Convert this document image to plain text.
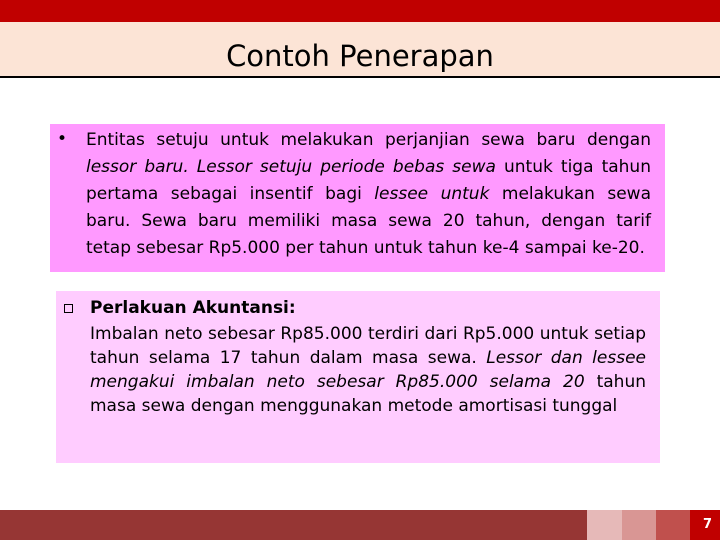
Contoh Penerapan
• Entitas setuju untuk melakukan perjanjian sewa baru dengan lessor baru. Lessor setuju periode bebas sewa untuk tiga tahun pertama sebagai insentif bagi lessee untuk melakukan sewa baru. Sewa baru memiliki masa sewa 20 tahun, dengan tarif tetap sebesar Rp5.000 per tahun untuk tahun ke-4 sampai ke-20.
Perlakuan Akuntansi:
Imbalan neto sebesar Rp85.000 terdiri dari Rp5.000 untuk setiap tahun selama 17 tahun dalam masa sewa. Lessor dan lessee mengakui imbalan neto sebesar Rp85.000 selama 20 tahun masa sewa dengan menggunakan metode amortisasi tunggal
7
